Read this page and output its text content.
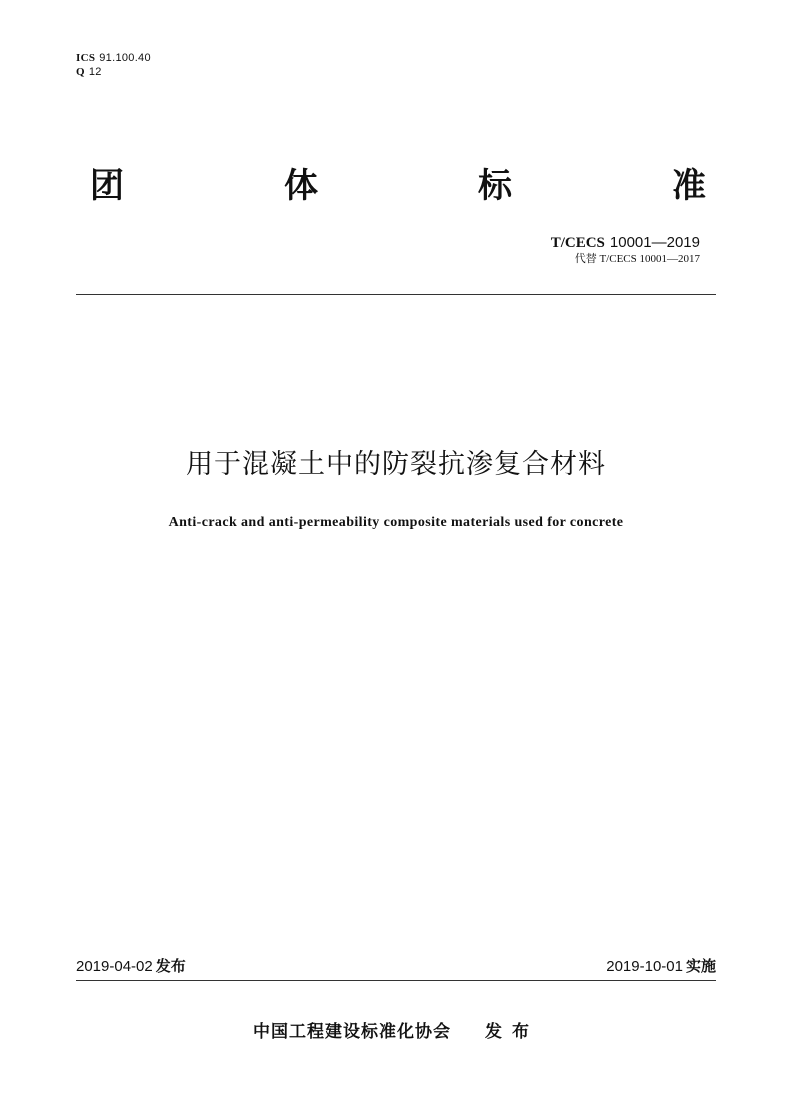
ICS 91.100.40
Q 12
团	体	标	准
T/CECS 10001—2019
代替 T/CECS 10001—2017
用于混凝土中的防裂抗渗复合材料
Anti-crack and anti-permeability composite materials used for concrete
2019-04-02 发布	2019-10-01 实施
中国工程建设标准化协会 发布
